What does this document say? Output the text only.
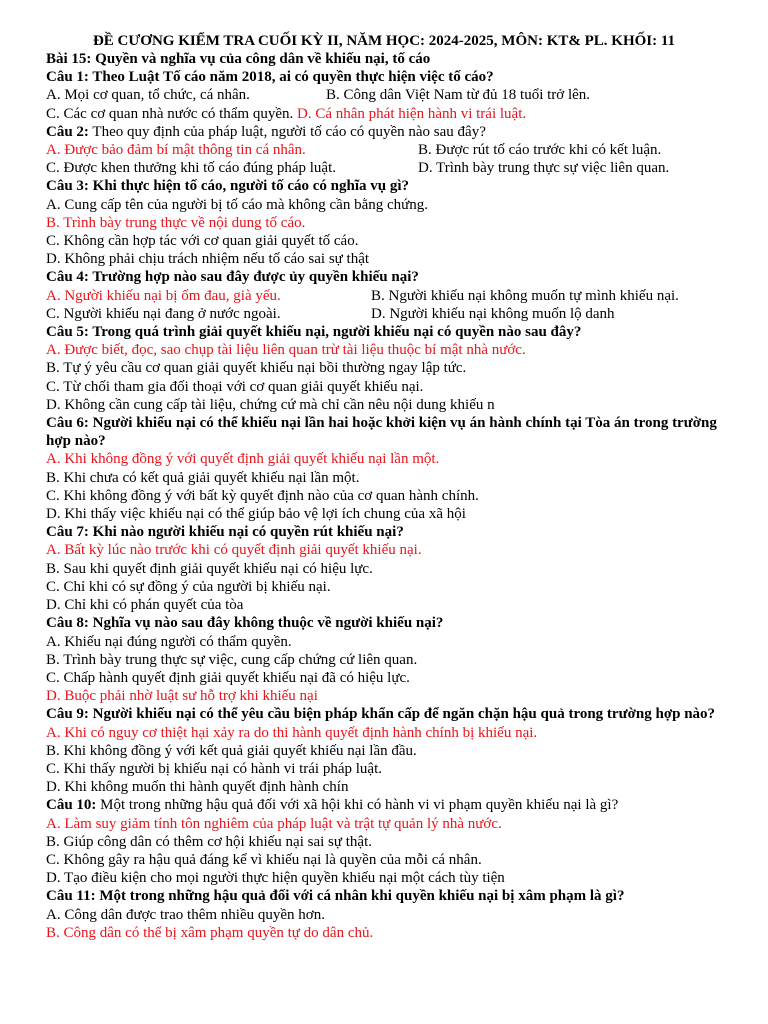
ĐỀ CƯƠNG KIỂM TRA CUỐI KỲ II, NĂM HỌC: 2024-2025, MÔN: KT& PL. KHỐI: 11
Bài 15: Quyền và nghĩa vụ của công dân về khiếu nại, tố cáo
Câu 1: Theo Luật Tố cáo năm 2018, ai có quyền thực hiện việc tố cáo?
A. Mọi cơ quan, tổ chức, cá nhân.	B. Công dân Việt Nam từ đủ 18 tuổi trở lên.
C. Các cơ quan nhà nước có thẩm quyền. D. Cá nhân phát hiện hành vi trái luật.
Câu 2: Theo quy định của pháp luật, người tố cáo có quyền nào sau đây?
A. Được bảo đảm bí mật thông tin cá nhân.	B. Được rút tố cáo trước khi có kết luận.
C. Được khen thưởng khi tố cáo đúng pháp luật.	D. Trình bày trung thực sự việc liên quan.
Câu 3: Khi thực hiện tố cáo, người tố cáo có nghĩa vụ gì?
A. Cung cấp tên của người bị tố cáo mà không cần bằng chứng.
B. Trình bày trung thực về nội dung tố cáo.
C. Không cần hợp tác với cơ quan giải quyết tố cáo.
D. Không phải chịu trách nhiệm nếu tố cáo sai sự thật
Câu 4: Trường hợp nào sau đây được ủy quyền khiếu nại?
A. Người khiếu nại bị ốm đau, già yếu.	B. Người khiếu nại không muốn tự mình khiếu nại.
C. Người khiếu nại đang ở nước ngoài.	D. Người khiếu nại không muốn lộ danh
Câu 5: Trong quá trình giải quyết khiếu nại, người khiếu nại có quyền nào sau đây?
A. Được biết, đọc, sao chụp tài liệu liên quan trừ tài liệu thuộc bí mật nhà nước.
B. Tự ý yêu cầu cơ quan giải quyết khiếu nại bồi thường ngay lập tức.
C. Từ chối tham gia đối thoại với cơ quan giải quyết khiếu nại.
D. Không cần cung cấp tài liệu, chứng cứ mà chỉ cần nêu nội dung khiếu n
Câu 6: Người khiếu nại có thể khiếu nại lần hai hoặc khởi kiện vụ án hành chính tại Tòa án trong trường hợp nào?
A. Khi không đồng ý với quyết định giải quyết khiếu nại lần một.
B. Khi chưa có kết quả giải quyết khiếu nại lần một.
C. Khi không đồng ý với bất kỳ quyết định nào của cơ quan hành chính.
D. Khi thấy việc khiếu nại có thể giúp bảo vệ lợi ích chung của xã hội
Câu 7: Khi nào người khiếu nại có quyền rút khiếu nại?
A. Bất kỳ lúc nào trước khi có quyết định giải quyết khiếu nại.
B. Sau khi quyết định giải quyết khiếu nại có hiệu lực.
C. Chỉ khi có sự đồng ý của người bị khiếu nại.
D. Chỉ khi có phán quyết của tòa
Câu 8: Nghĩa vụ nào sau đây không thuộc về người khiếu nại?
A. Khiếu nại đúng người có thẩm quyền.
B. Trình bày trung thực sự việc, cung cấp chứng cứ liên quan.
C. Chấp hành quyết định giải quyết khiếu nại đã có hiệu lực.
D. Buộc phải nhờ luật sư hỗ trợ khi khiếu nại
Câu 9: Người khiếu nại có thể yêu cầu biện pháp khẩn cấp để ngăn chặn hậu quả trong trường hợp nào?
A. Khi có nguy cơ thiệt hại xảy ra do thi hành quyết định hành chính bị khiếu nại.
B. Khi không đồng ý với kết quả giải quyết khiếu nại lần đầu.
C. Khi thấy người bị khiếu nại có hành vi trái pháp luật.
D. Khi không muốn thi hành quyết định hành chín
Câu 10: Một trong những hậu quả đối với xã hội khi có hành vi vi phạm quyền khiếu nại là gì?
A. Làm suy giảm tính tôn nghiêm của pháp luật và trật tự quản lý nhà nước.
B. Giúp công dân có thêm cơ hội khiếu nại sai sự thật.
C. Không gây ra hậu quả đáng kể vì khiếu nại là quyền của mỗi cá nhân.
D. Tạo điều kiện cho mọi người thực hiện quyền khiếu nại một cách tùy tiện
Câu 11: Một trong những hậu quả đối với cá nhân khi quyền khiếu nại bị xâm phạm là gì?
A. Công dân được trao thêm nhiều quyền hơn.
B. Công dân có thể bị xâm phạm quyền tự do dân chủ.
